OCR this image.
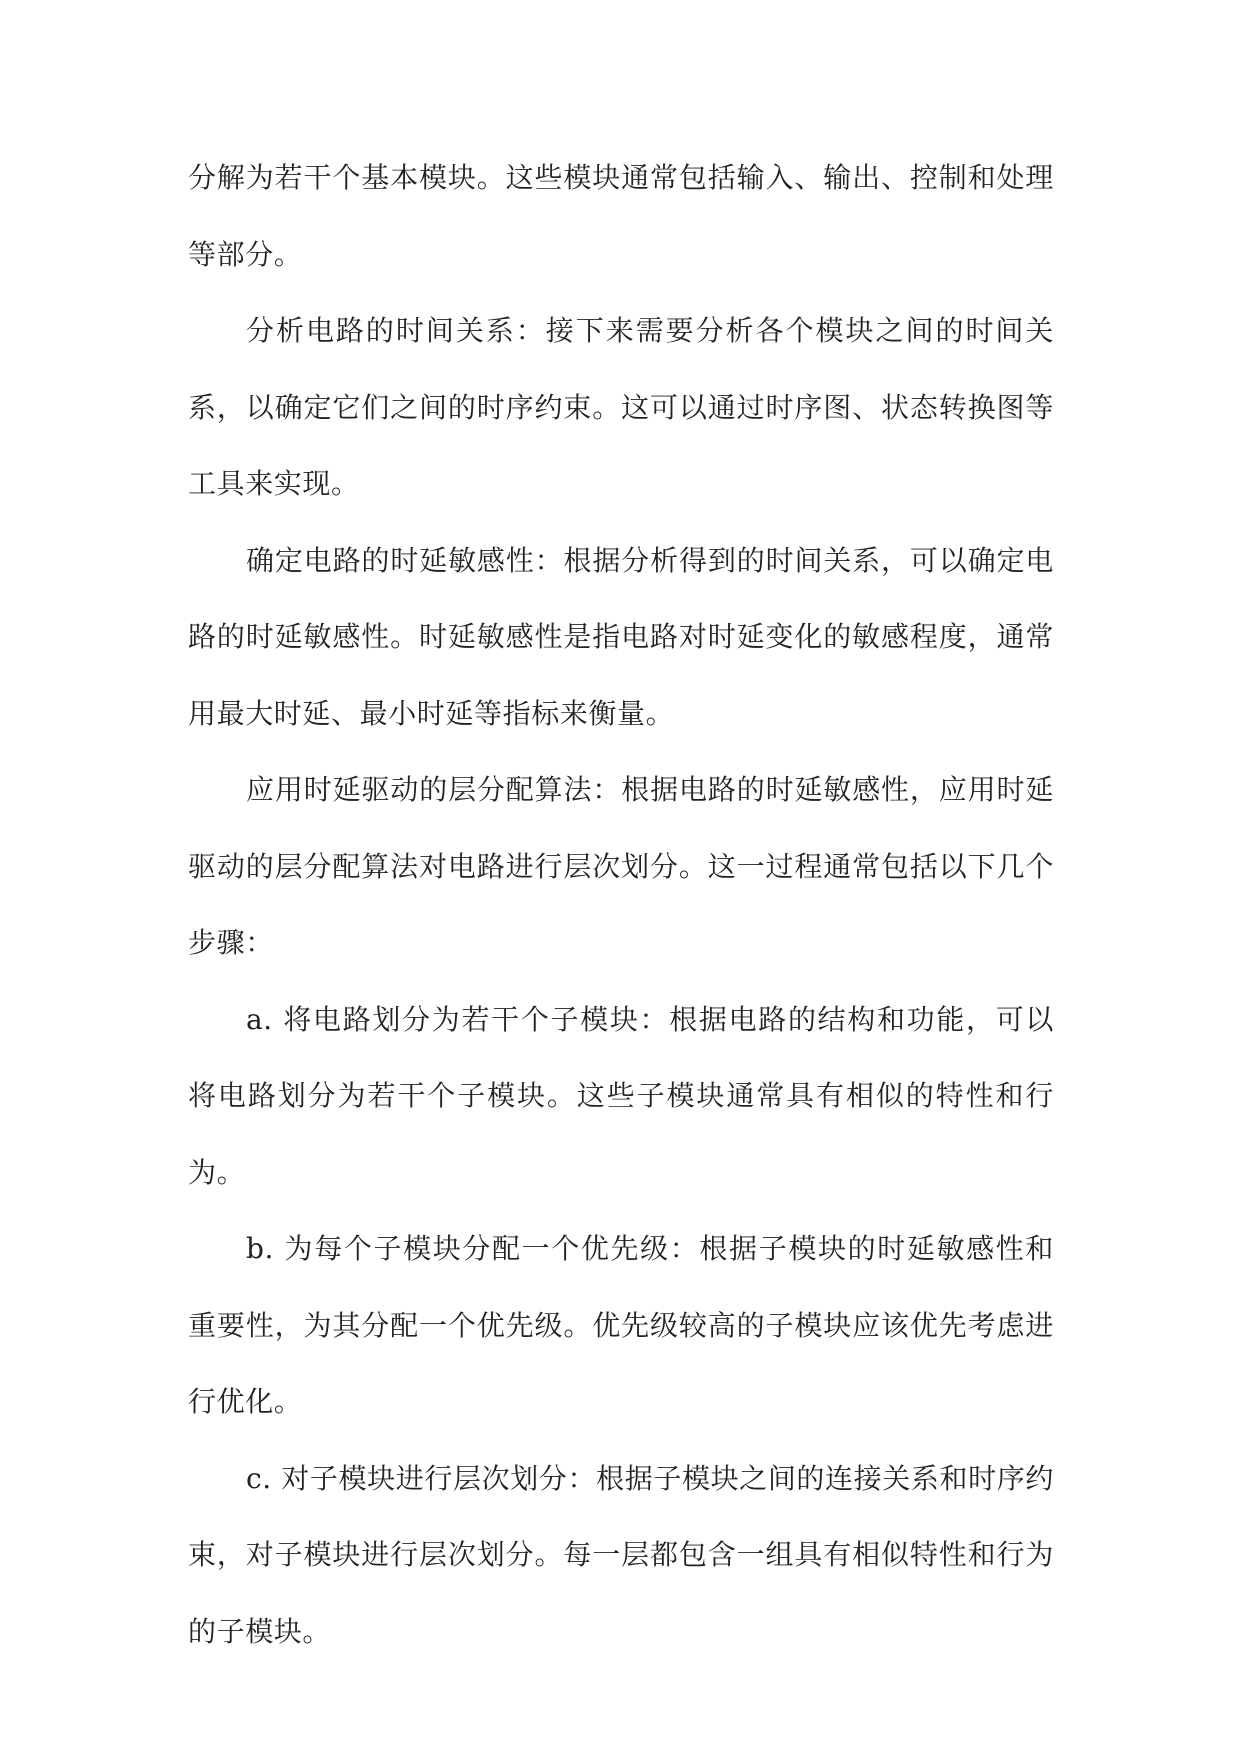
分解为若干个基本模块。这些模块通常包括输入、输出、控制和处理等部分。

分析电路的时间关系：接下来需要分析各个模块之间的时间关系，以确定它们之间的时序约束。这可以通过时序图、状态转换图等工具来实现。

确定电路的时延敏感性：根据分析得到的时间关系，可以确定电路的时延敏感性。时延敏感性是指电路对时延变化的敏感程度，通常用最大时延、最小时延等指标来衡量。

应用时延驱动的层分配算法：根据电路的时延敏感性，应用时延驱动的层分配算法对电路进行层次划分。这一过程通常包括以下几个步骤：

a. 将电路划分为若干个子模块：根据电路的结构和功能，可以将电路划分为若干个子模块。这些子模块通常具有相似的特性和行为。

b. 为每个子模块分配一个优先级：根据子模块的时延敏感性和重要性，为其分配一个优先级。优先级较高的子模块应该优先考虑进行优化。

c. 对子模块进行层次划分：根据子模块之间的连接关系和时序约束，对子模块进行层次划分。每一层都包含一组具有相似特性和行为的子模块。
